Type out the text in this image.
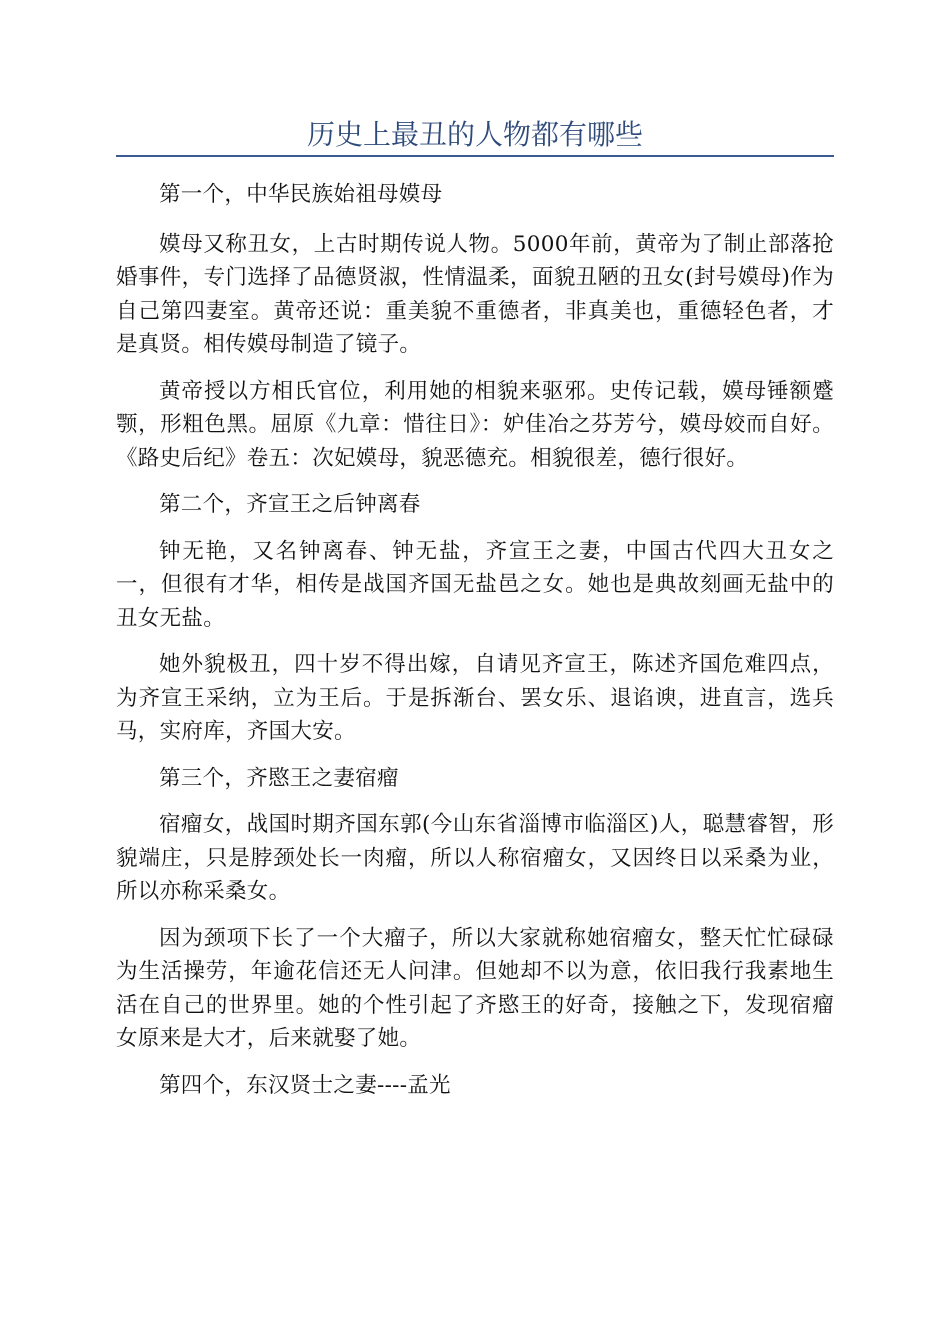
历史上最丑的人物都有哪些

第一个，中华民族始祖母嫫母

嫫母又称丑女，上古时期传说人物。5000年前，黄帝为了制止部落抢婚事件，专门选择了品德贤淑，性情温柔，面貌丑陋的丑女(封号嫫母)作为自己第四妻室。黄帝还说：重美貌不重德者，非真美也，重德轻色者，才是真贤。相传嫫母制造了镜子。

黄帝授以方相氏官位，利用她的相貌来驱邪。史传记载，嫫母锤额蹙颚，形粗色黑。屈原《九章：惜往日》：妒佳冶之芬芳兮，嫫母姣而自好。《路史后纪》卷五：次妃嫫母，貌恶德充。相貌很差，德行很好。

第二个，齐宣王之后钟离春

钟无艳，又名钟离春、钟无盐，齐宣王之妻，中国古代四大丑女之一，但很有才华，相传是战国齐国无盐邑之女。她也是典故刻画无盐中的丑女无盐。

她外貌极丑，四十岁不得出嫁，自请见齐宣王，陈述齐国危难四点，为齐宣王采纳，立为王后。于是拆渐台、罢女乐、退谄谀，进直言，选兵马，实府库，齐国大安。

第三个，齐愍王之妻宿瘤

宿瘤女，战国时期齐国东郭(今山东省淄博市临淄区)人，聪慧睿智，形貌端庄，只是脖颈处长一肉瘤，所以人称宿瘤女，又因终日以采桑为业，所以亦称采桑女。

因为颈项下长了一个大瘤子，所以大家就称她宿瘤女，整天忙忙碌碌为生活操劳，年逾花信还无人问津。但她却不以为意，依旧我行我素地生活在自己的世界里。她的个性引起了齐愍王的好奇，接触之下，发现宿瘤女原来是大才，后来就娶了她。

第四个，东汉贤士之妻----孟光
